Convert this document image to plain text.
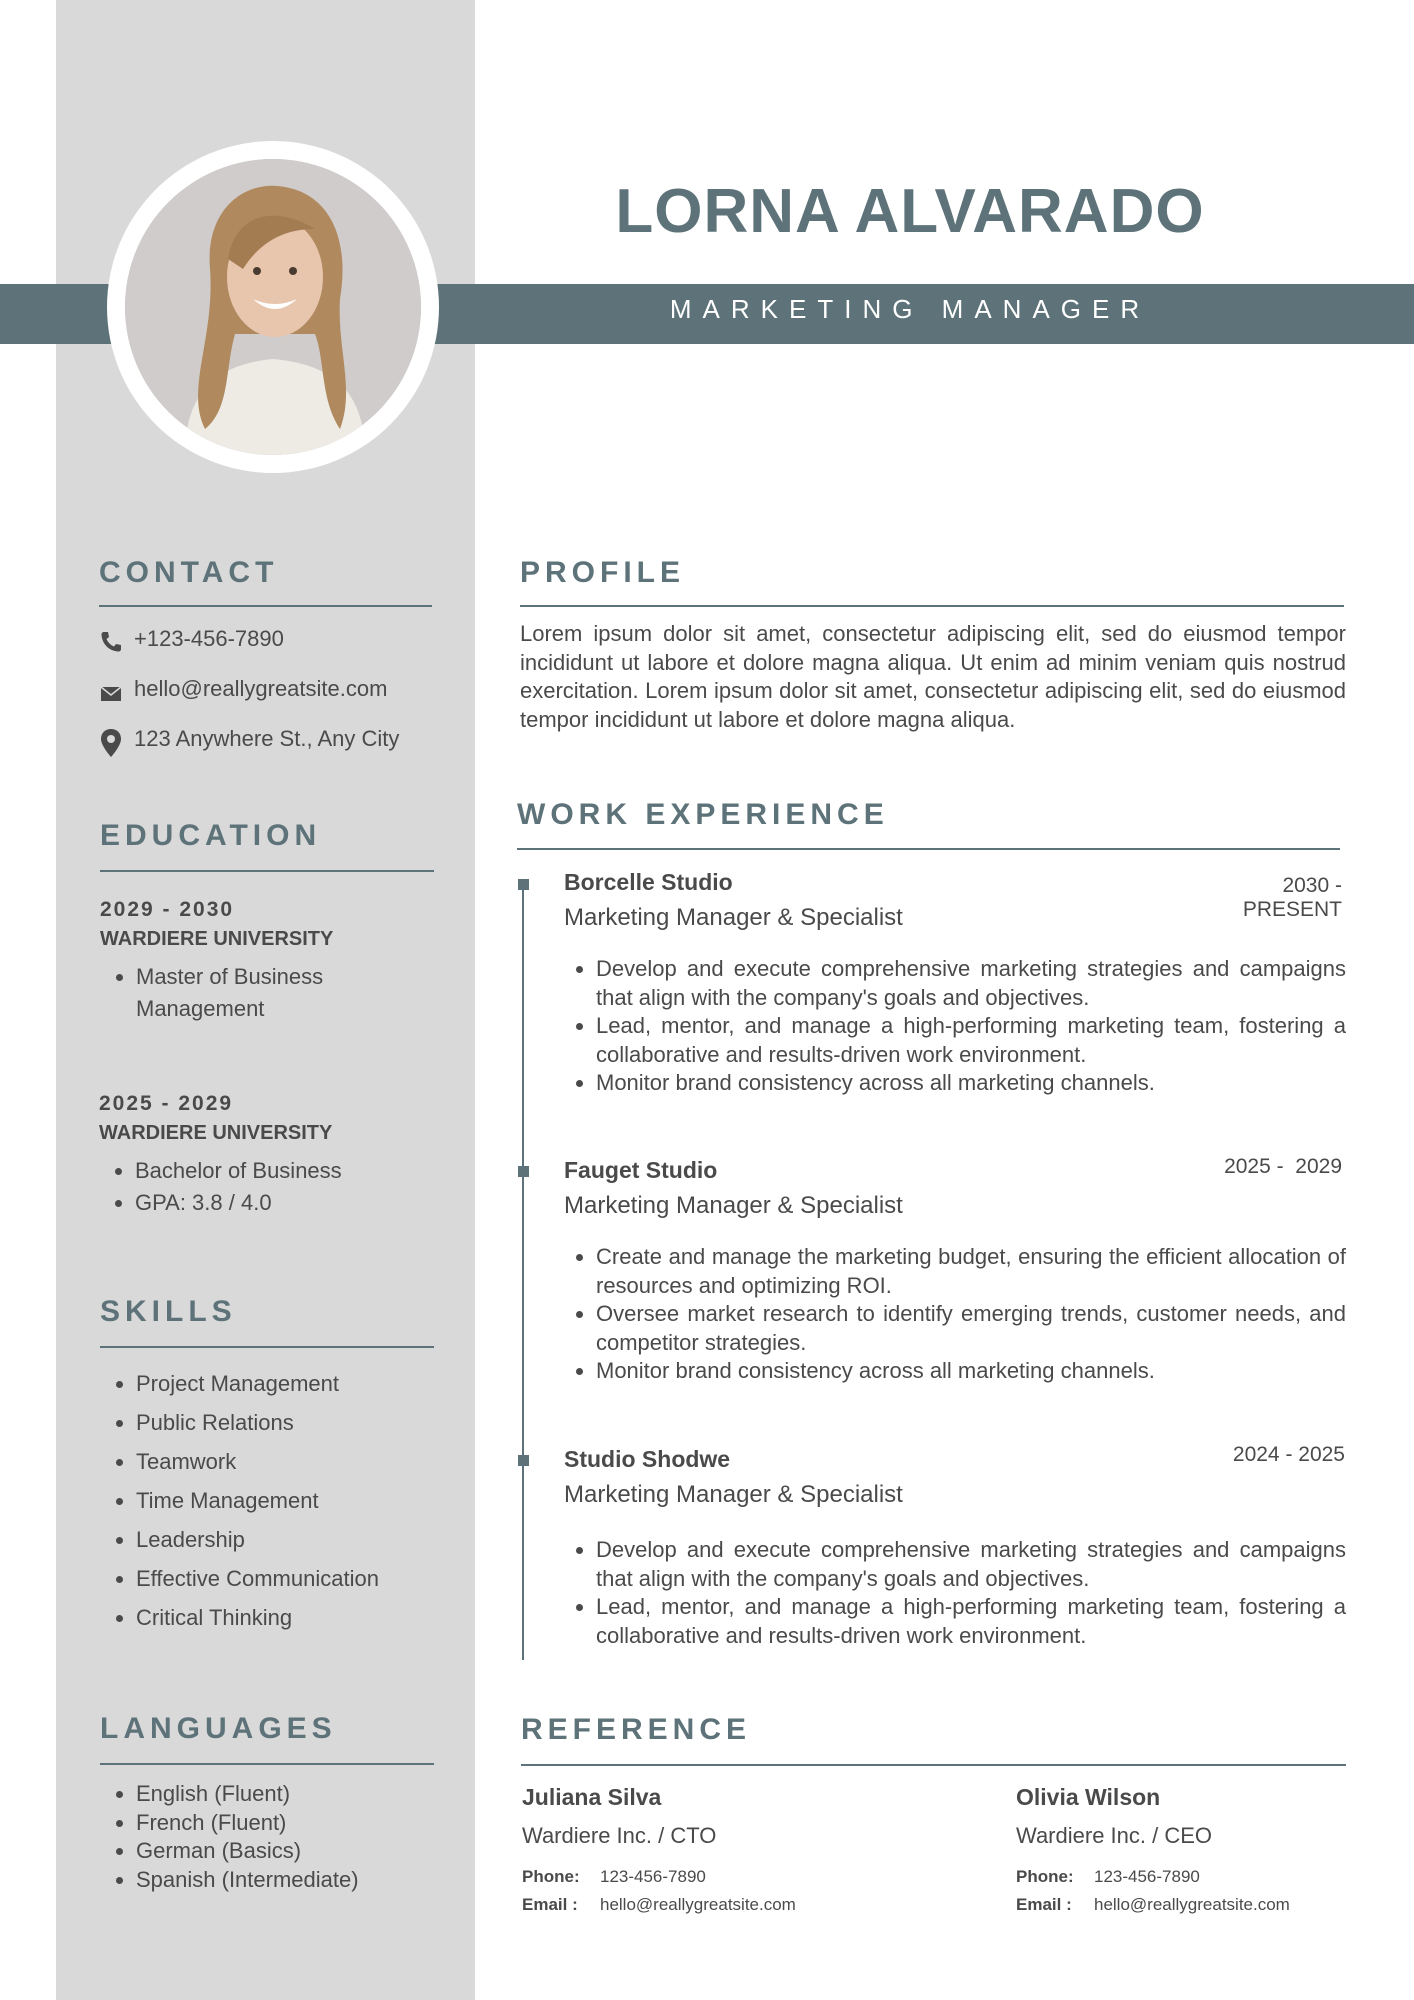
LORNA ALVARADO
MARKETING MANAGER
CONTACT
+123-456-7890
hello@reallygreatsite.com
123 Anywhere St., Any City
EDUCATION
2029 - 2030
WARDIERE UNIVERSITY
• Master of Business Management
2025 - 2029
WARDIERE UNIVERSITY
• Bachelor of Business
• GPA: 3.8 / 4.0
SKILLS
• Project Management
• Public Relations
• Teamwork
• Time Management
• Leadership
• Effective Communication
• Critical Thinking
LANGUAGES
• English (Fluent)
• French (Fluent)
• German (Basics)
• Spanish (Intermediate)
PROFILE
Lorem ipsum dolor sit amet, consectetur adipiscing elit, sed do eiusmod tempor incididunt ut labore et dolore magna aliqua. Ut enim ad minim veniam quis nostrud exercitation. Lorem ipsum dolor sit amet, consectetur adipiscing elit, sed do eiusmod tempor incididunt ut labore et dolore magna aliqua.
WORK EXPERIENCE
Borcelle Studio	2030 - PRESENT
Marketing Manager & Specialist
• Develop and execute comprehensive marketing strategies and campaigns that align with the company's goals and objectives.
• Lead, mentor, and manage a high-performing marketing team, fostering a collaborative and results-driven work environment.
• Monitor brand consistency across all marketing channels.
Fauget Studio	2025 -  2029
Marketing Manager & Specialist
• Create and manage the marketing budget, ensuring the efficient allocation of resources and optimizing ROI.
• Oversee market research to identify emerging trends, customer needs, and competitor strategies.
• Monitor brand consistency across all marketing channels.
Studio Shodwe	2024 - 2025
Marketing Manager & Specialist
• Develop and execute comprehensive marketing strategies and campaigns that align with the company's goals and objectives.
• Lead, mentor, and manage a high-performing marketing team, fostering a collaborative and results-driven work environment.
REFERENCE
Juliana Silva
Wardiere Inc. / CTO
Phone: 123-456-7890
Email : hello@reallygreatsite.com
Olivia Wilson
Wardiere Inc. / CEO
Phone: 123-456-7890
Email : hello@reallygreatsite.com
